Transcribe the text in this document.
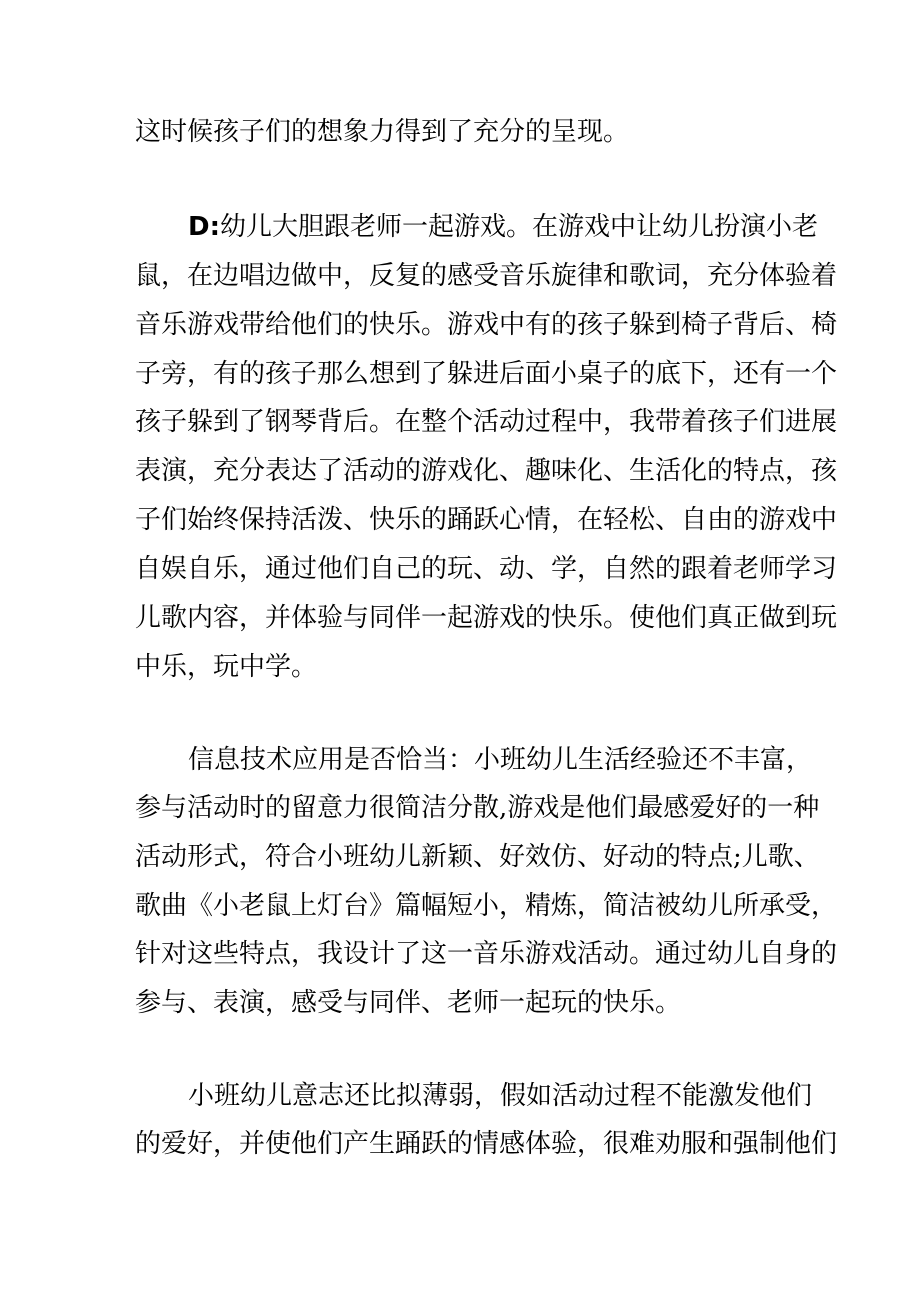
这时候孩子们的想象力得到了充分的呈现。
D:幼儿大胆跟老师一起游戏。在游戏中让幼儿扮演小老
鼠，在边唱边做中，反复的感受音乐旋律和歌词，充分体验着
音乐游戏带给他们的快乐。游戏中有的孩子躲到椅子背后、椅
子旁，有的孩子那么想到了躲进后面小桌子的底下，还有一个
孩子躲到了钢琴背后。在整个活动过程中，我带着孩子们进展
表演，充分表达了活动的游戏化、趣味化、生活化的特点，孩
子们始终保持活泼、快乐的踊跃心情，在轻松、自由的游戏中
自娱自乐，通过他们自己的玩、动、学，自然的跟着老师学习
儿歌内容，并体验与同伴一起游戏的快乐。使他们真正做到玩
中乐，玩中学。
信息技术应用是否恰当：小班幼儿生活经验还不丰富，
参与活动时的留意力很简洁分散,游戏是他们最感爱好的一种
活动形式，符合小班幼儿新颖、好效仿、好动的特点;儿歌、
歌曲《小老鼠上灯台》篇幅短小，精炼，简洁被幼儿所承受，
针对这些特点，我设计了这一音乐游戏活动。通过幼儿自身的
参与、表演，感受与同伴、老师一起玩的快乐。
小班幼儿意志还比拟薄弱，假如活动过程不能激发他们
的爱好，并使他们产生踊跃的情感体验，很难劝服和强制他们
